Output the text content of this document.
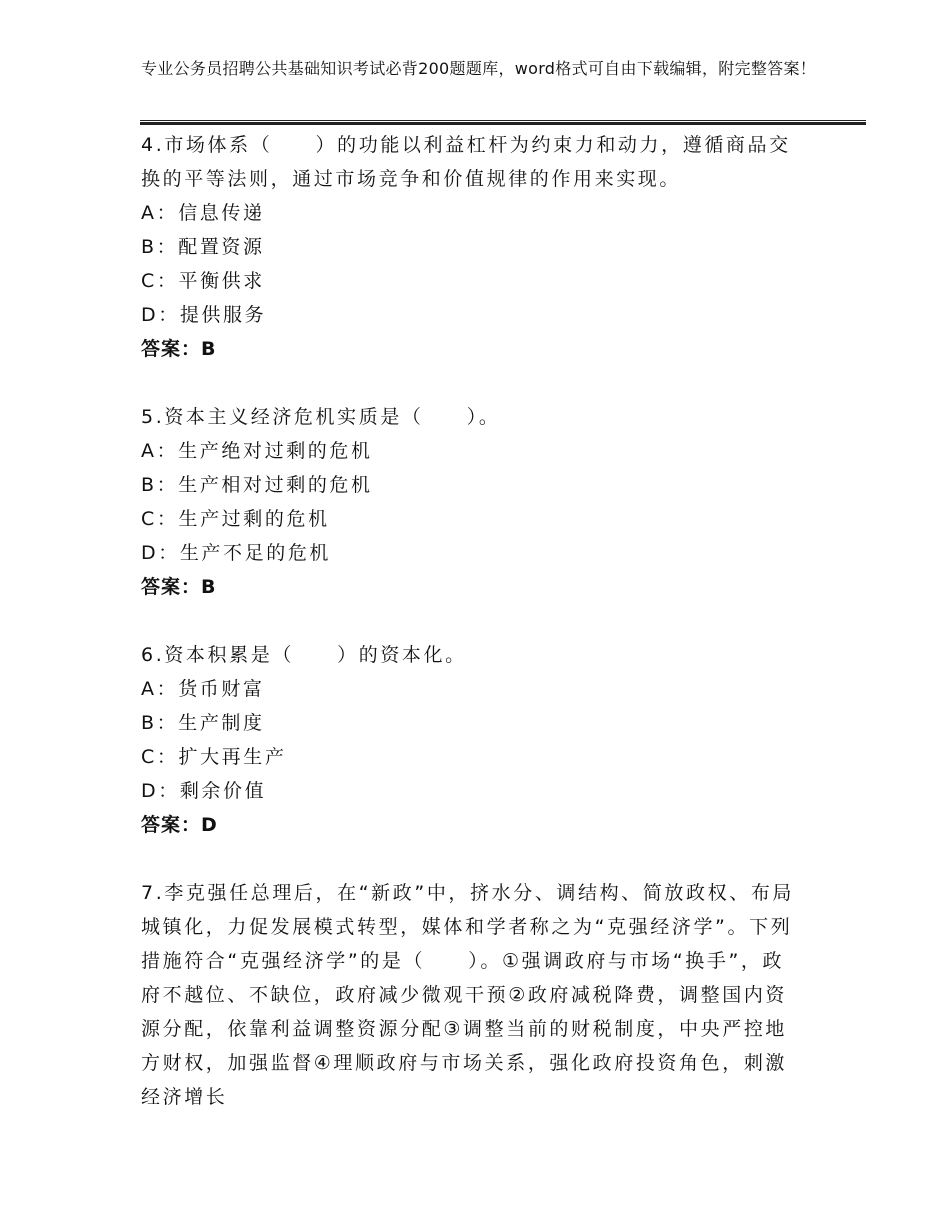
专业公务员招聘公共基础知识考试必背200题题库，word格式可自由下载编辑，附完整答案！

4.市场体系（　　）的功能以利益杠杆为约束力和动力，遵循商品交换的平等法则，通过市场竞争和价值规律的作用来实现。

A：信息传递

B：配置资源

C：平衡供求

D：提供服务

答案：B

5.资本主义经济危机实质是（　　）。

A：生产绝对过剩的危机

B：生产相对过剩的危机

C：生产过剩的危机

D：生产不足的危机

答案：B

6.资本积累是（　　）的资本化。

A：货币财富

B：生产制度

C：扩大再生产

D：剩余价值

答案：D

7.李克强任总理后，在“新政”中，挤水分、调结构、简放政权、布局城镇化，力促发展模式转型，媒体和学者称之为“克强经济学”。下列措施符合“克强经济学”的是（　　）。①强调政府与市场“换手”，政府不越位、不缺位，政府减少微观干预②政府减税降费，调整国内资源分配，依靠利益调整资源分配③调整当前的财税制度，中央严控地方财权，加强监督④理顺政府与市场关系，强化政府投资角色，刺激经济增长
